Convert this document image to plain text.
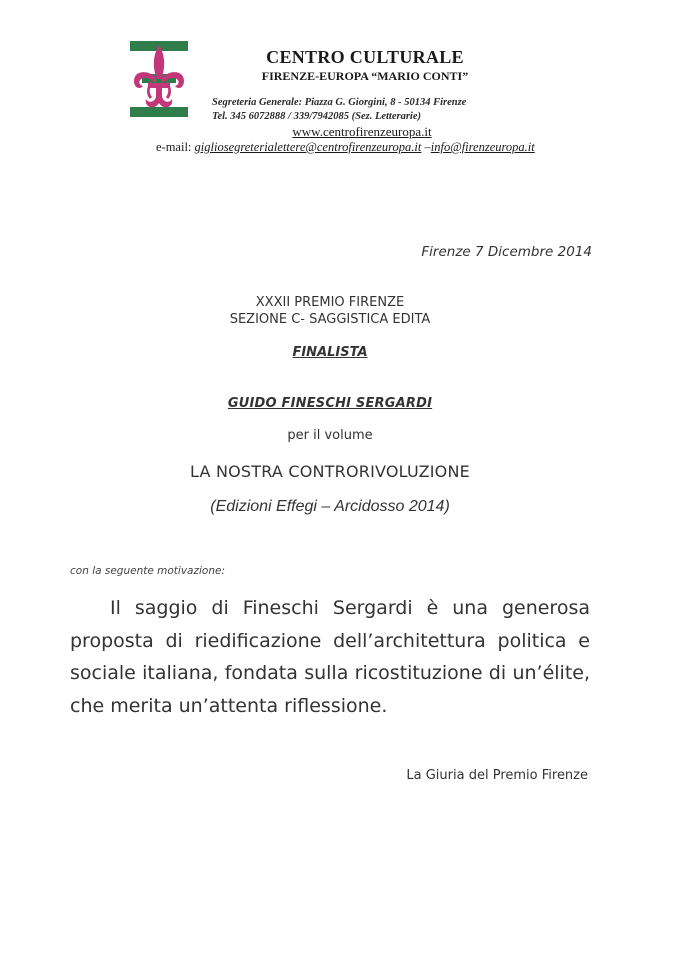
CENTRO CULTURALE
FIRENZE-EUROPA “MARIO CONTI”
Segreteria Generale: Piazza G. Giorgini, 8 - 50134 Firenze
Tel. 345 6072888 / 339/7942085 (Sez. Letterarie)
www.centrofirenzeuropa.it
e-mail: gigliosegreterialettere@centrofirenzeuropa.it –info@firenzeuropa.it
Firenze 7 Dicembre 2014
XXXII PREMIO FIRENZE
SEZIONE C- SAGGISTICA EDITA
FINALISTA
GUIDO FINESCHI SERGARDI
per il volume
LA NOSTRA CONTRORIVOLUZIONE
(Edizioni Effegi – Arcidosso 2014)
con la seguente motivazione:
Il saggio di Fineschi Sergardi è una generosa proposta di riedificazione dell’architettura politica e sociale italiana, fondata sulla ricostituzione di un’élite, che merita un’attenta riflessione.
La Giuria del Premio Firenze
